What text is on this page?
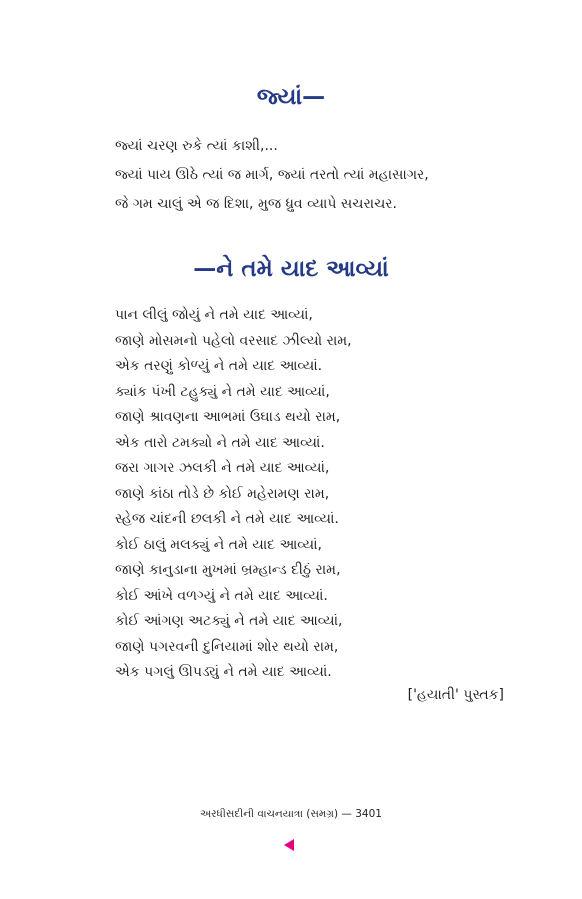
જ્યાં—
જ્યાં ચરણ રુકે ત્યાં કાશી,...
જ્યાં પાય ઊઠે ત્યાં જ માર્ગ, જ્યાં તરતો ત્યાં મહાસાગર,
જે ગમ ચાલું એ જ દિશા, મુજ ધ્રુવ વ્યાપે સચરાચર.
—ને તમે યાદ આવ્યાં
પાન લીલું જોયું ને તમે યાદ આવ્યાં,
જાણે મોસમનો પહેલો વરસાદ ઝીલ્યો રામ,
એક તરણું કોળ્યું ને તમે યાદ આવ્યાં.
ક્યાંક પંખી ટહુક્યું ને તમે યાદ આવ્યાં,
જાણે શ્રાવણના આભમાં ઉઘાડ થયો રામ,
એક તારો ટમક્યો ને તમે યાદ આવ્યાં.
જરા ગાગર ઝલકી ને તમે યાદ આવ્યાં,
જાણે કાંઠા તોડે છે કોઈ મહેરામણ રામ,
સ્હેજ ચાંદની છલકી ને તમે યાદ આવ્યાં.
કોઈ ઠાલું મલક્યું ને તમે યાદ આવ્યાં,
જાણે કાનુડાના મુખમાં બ્રમ્હાન્ડ દીઠું રામ,
કોઈ આંખે વળગ્યું ને તમે યાદ આવ્યાં.
કોઈ આંગણ અટક્યું ને તમે યાદ આવ્યાં,
જાણે પગરવની દુનિયામાં શોર થયો રામ,
એક પગલું ઊપડ્યું ને તમે યાદ આવ્યાં.
['હયાતી' પુસ્તક]
અરધીસદીની વાચનયાત્રા (સમગ્ર) — 3401
